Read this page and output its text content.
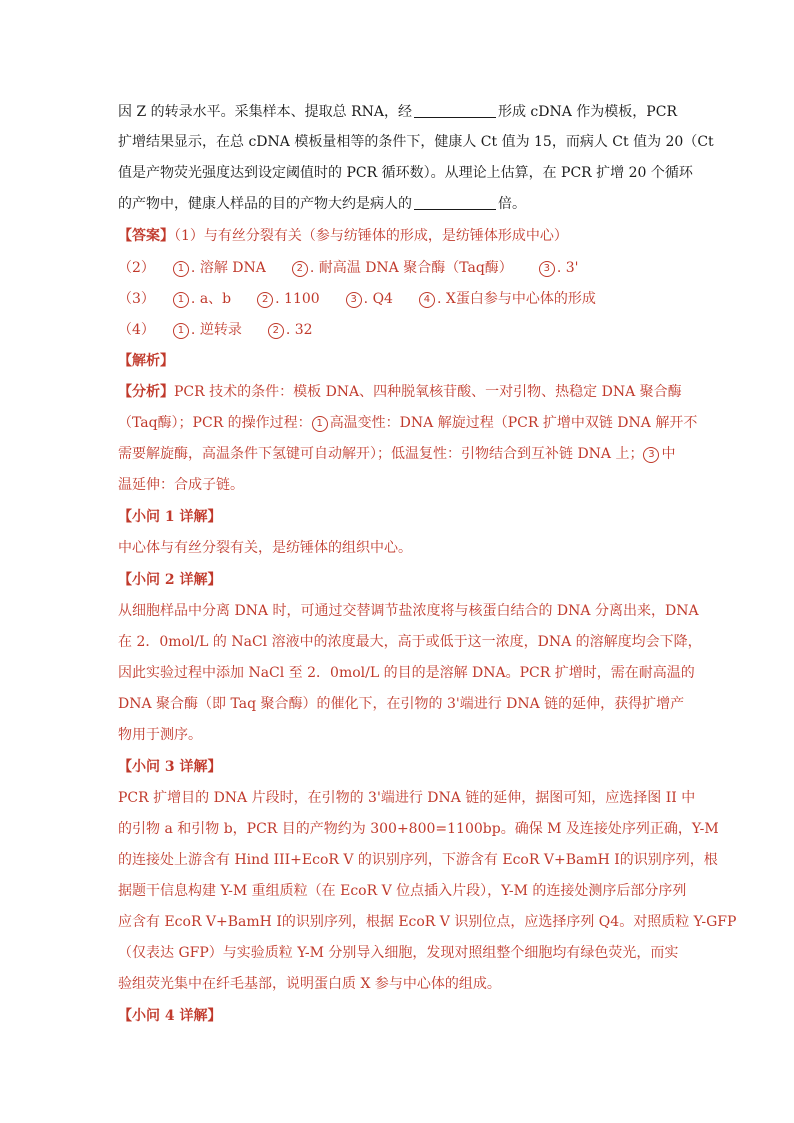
因 Z 的转录水平。采集样本、提取总 RNA，经	形成 cDNA 作为模板，PCR
扩增结果显示，在总 cDNA 模板量相等的条件下，健康人 Ct 值为 15，而病人 Ct 值为 20（Ct
值是产物荧光强度达到设定阈值时的 PCR 循环数）。从理论上估算，在 PCR 扩增 20 个循环
的产物中，健康人样品的目的产物大约是病人的	倍。
【答案】（1）与有丝分裂有关（参与纺锤体的形成，是纺锤体形成中心）
（2） 1 . 溶解 DNA	2 . 耐高温 DNA 聚合酶（Taq酶）	3 . 3'
（3） 1 . a、b	2 . 1100	3 . Q4	4 . X蛋白参与中心体的形成
（4） 1 . 逆转录	2 . 32
【解析】
【分析】PCR 技术的条件：模板 DNA、四种脱氧核苷酸、一对引物、热稳定 DNA 聚合酶
（Taq酶）；PCR 的操作过程： 1 高温变性：DNA 解旋过程（PCR 扩增中双链 DNA 解开不
需要解旋酶，高温条件下氢键可自动解开）；低温复性：引物结合到互补链 DNA 上； 3 中
温延伸：合成子链。
【小问 1 详解】
中心体与有丝分裂有关，是纺锤体的组织中心。
【小问 2 详解】
从细胞样品中分离 DNA 时，可通过交替调节盐浓度将与核蛋白结合的 DNA 分离出来，DNA
在 2．0mol/L 的 NaCl 溶液中的浓度最大，高于或低于这一浓度，DNA 的溶解度均会下降，
因此实验过程中添加 NaCl 至 2．0mol/L 的目的是溶解 DNA。PCR 扩增时，需在耐高温的
DNA 聚合酶（即 Taq 聚合酶）的催化下，在引物的 3'端进行 DNA 链的延伸，获得扩增产
物用于测序。
【小问 3 详解】
PCR 扩增目的 DNA 片段时，在引物的 3'端进行 DNA 链的延伸，据图可知，应选择图 II 中
的引物 a 和引物 b，PCR 目的产物约为 300+800=1100bp。确保 M 及连接处序列正确，Y-M
的连接处上游含有 Hind III+EcoR V 的识别序列，下游含有 EcoR V+BamH Ⅰ的识别序列，根
据题干信息构建 Y-M 重组质粒（在 EcoR V 位点插入片段），Y-M 的连接处测序后部分序列
应含有 EcoR V+BamH Ⅰ的识别序列，根据 EcoR V 识别位点，应选择序列 Q4。对照质粒 Y-GFP
（仅表达 GFP）与实验质粒 Y-M 分别导入细胞，发现对照组整个细胞均有绿色荧光，而实
验组荧光集中在纤毛基部，说明蛋白质 X 参与中心体的组成。
【小问 4 详解】
